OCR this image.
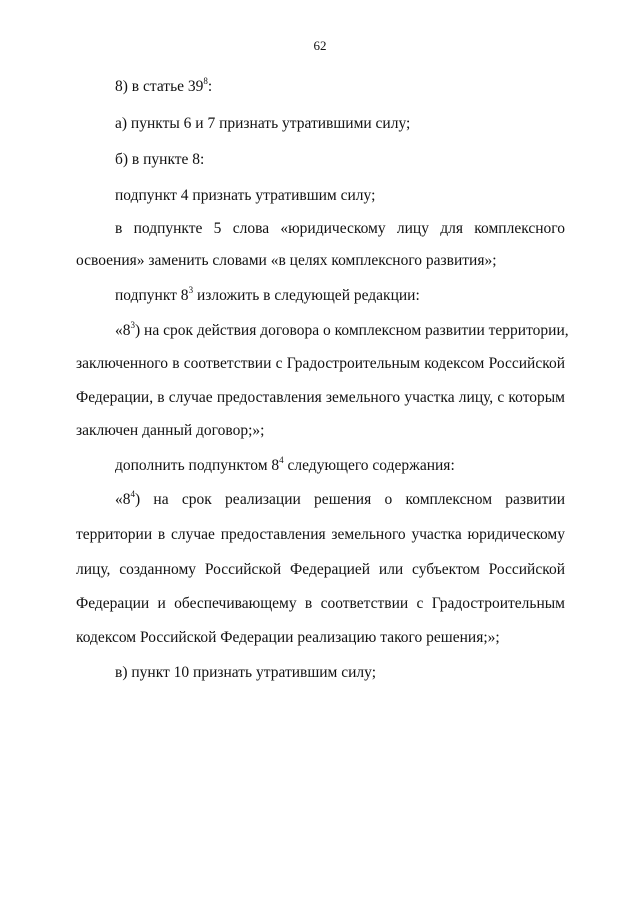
62
8) в статье $39^8$:
а) пункты 6 и 7 признать утратившими силу;
б) в пункте 8:
подпункт 4 признать утратившим силу;
в подпункте 5 слова «юридическому лицу для комплексного
освоения» заменить словами «в целях комплексного развития»;
подпункт $8^3$ изложить в следующей редакции:
«$8^3$) на срок действия договора о комплексном развитии территории,
заключенного в соответствии с Градостроительным кодексом Российской
Федерации, в случае предоставления земельного участка лицу, с которым
заключен данный договор;»;
дополнить подпунктом $8^4$ следующего содержания:
«$8^4$) на срок реализации решения о комплексном развитии
территории в случае предоставления земельного участка юридическому
лицу, созданному Российской Федерацией или субъектом Российской
Федерации и обеспечивающему в соответствии с Градостроительным
кодексом Российской Федерации реализацию такого решения;»;
в) пункт 10 признать утратившим силу;
